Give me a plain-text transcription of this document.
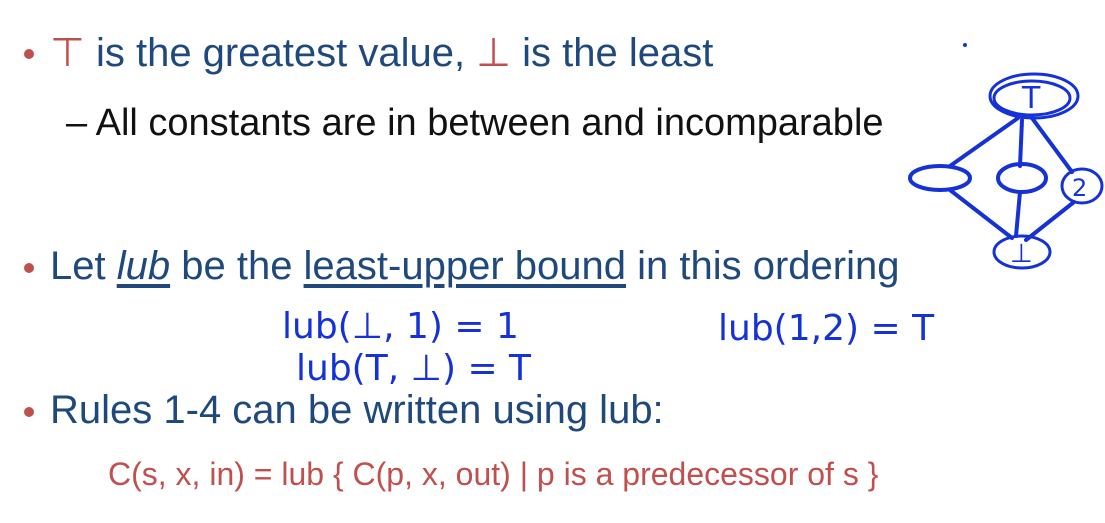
⊤ is the greatest value, ⊥ is the least
– All constants are in between and incomparable
Let lub be the least-upper bound in this ordering
Rules 1-4 can be written using lub:
C(s, x, in) = lub { C(p, x, out) | p is a predecessor of s }
T
2
⊥
lub(⊥, 1) = 1
lub(T, ⊥) = T
lub(1,2) = T
